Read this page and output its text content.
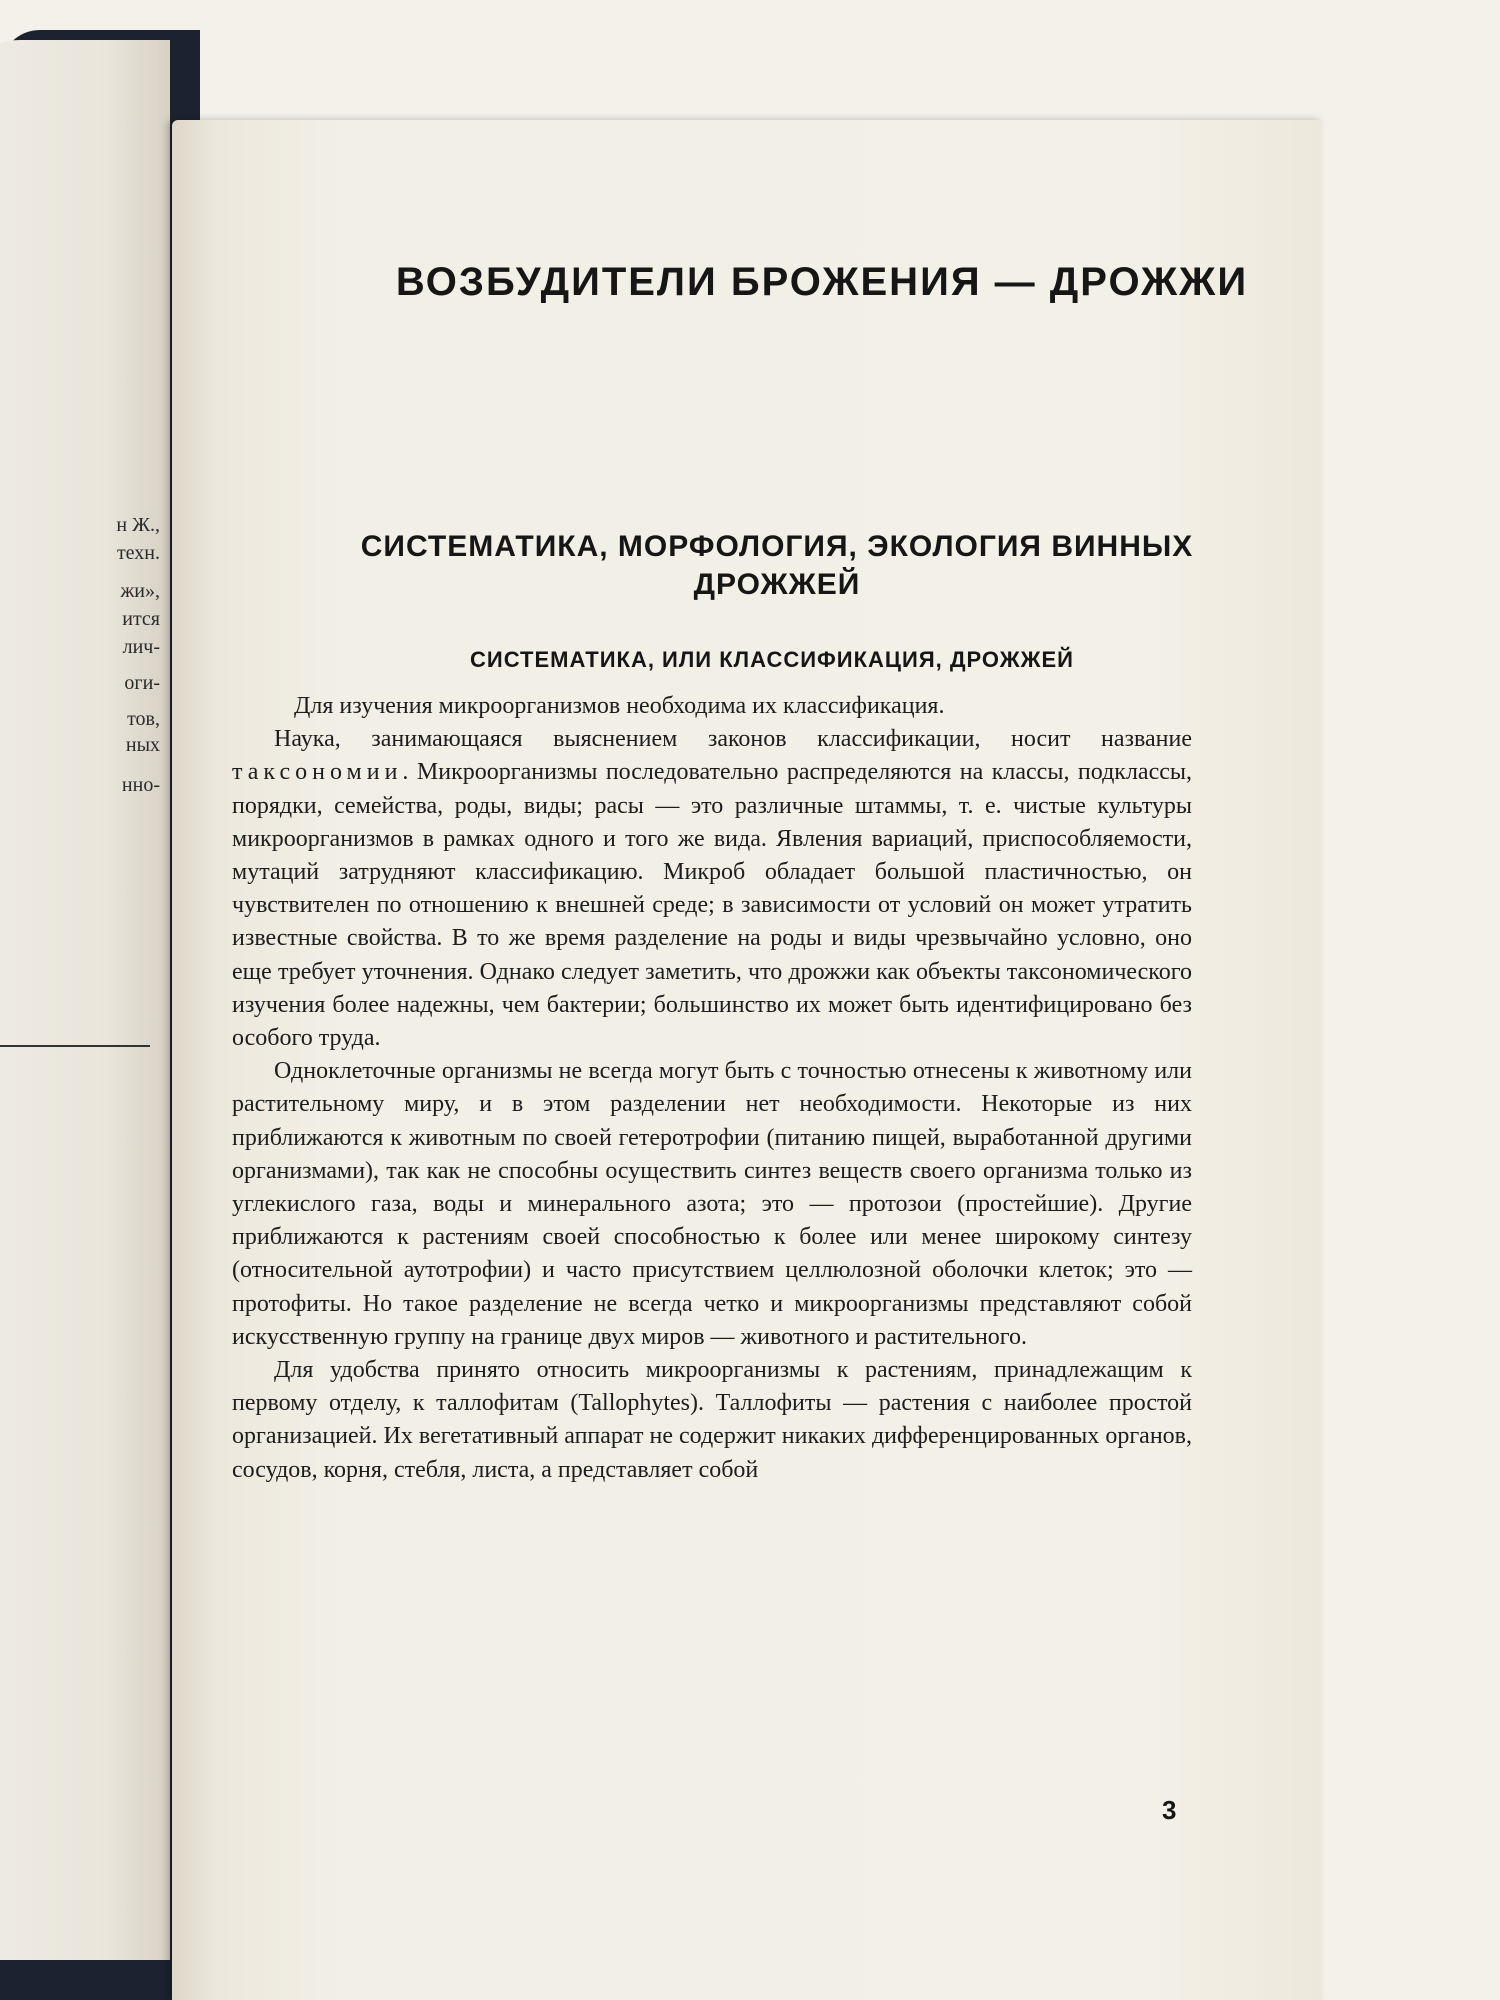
н Ж.,
техн.
жи»,
ится
лич-
оги-
тов,
ных
нно-
ВОЗБУДИТЕЛИ БРОЖЕНИЯ — ДРОЖЖИ
СИСТЕМАТИКА, МОРФОЛОГИЯ, ЭКОЛОГИЯ ВИННЫХ
ДРОЖЖЕЙ
СИСТЕМАТИКА, ИЛИ КЛАССИФИКАЦИЯ, ДРОЖЖЕЙ

Для изучения микроорганизмов необходима их классификация.

Наука, занимающаяся выяснением законов классификации, носит название таксономии. Микроорганизмы последовательно распределяются на классы, подклассы, порядки, семейства, роды, виды; расы — это различные штаммы, т. е. чистые культуры микроорганизмов в рамках одного и того же вида. Явления вариаций, приспособляемости, мутаций затрудняют классификацию. Микроб обладает большой пластичностью, он чувствителен по отношению к внешней среде; в зависимости от условий он может утратить известные свойства. В то же время разделение на роды и виды чрезвычайно условно, оно еще требует уточнения. Однако следует заметить, что дрожжи как объекты таксономического изучения более надежны, чем бактерии; большинство их может быть идентифицировано без особого труда.

Одноклеточные организмы не всегда могут быть с точностью отнесены к животному или растительному миру, и в этом разделении нет необходимости. Некоторые из них приближаются к животным по своей гетеротрофии (питанию пищей, выработанной другими организмами), так как не способны осуществить синтез веществ своего организма только из углекислого газа, воды и минерального азота; это — протозои (простейшие). Другие приближаются к растениям своей способностью к более или менее широкому синтезу (относительной аутотрофии) и часто присутствием целлюлозной оболочки клеток; это — протофиты. Но такое разделение не всегда четко и микроорганизмы представляют собой искусственную группу на границе двух миров — животного и растительного.

Для удобства принято относить микроорганизмы к растениям, принадлежащим к первому отделу, к таллофитам (Tallophytes). Таллофиты — растения с наиболее простой организацией. Их вегетативный аппарат не содержит никаких дифференцированных органов, сосудов, корня, стебля, листа, а представляет собой

3
